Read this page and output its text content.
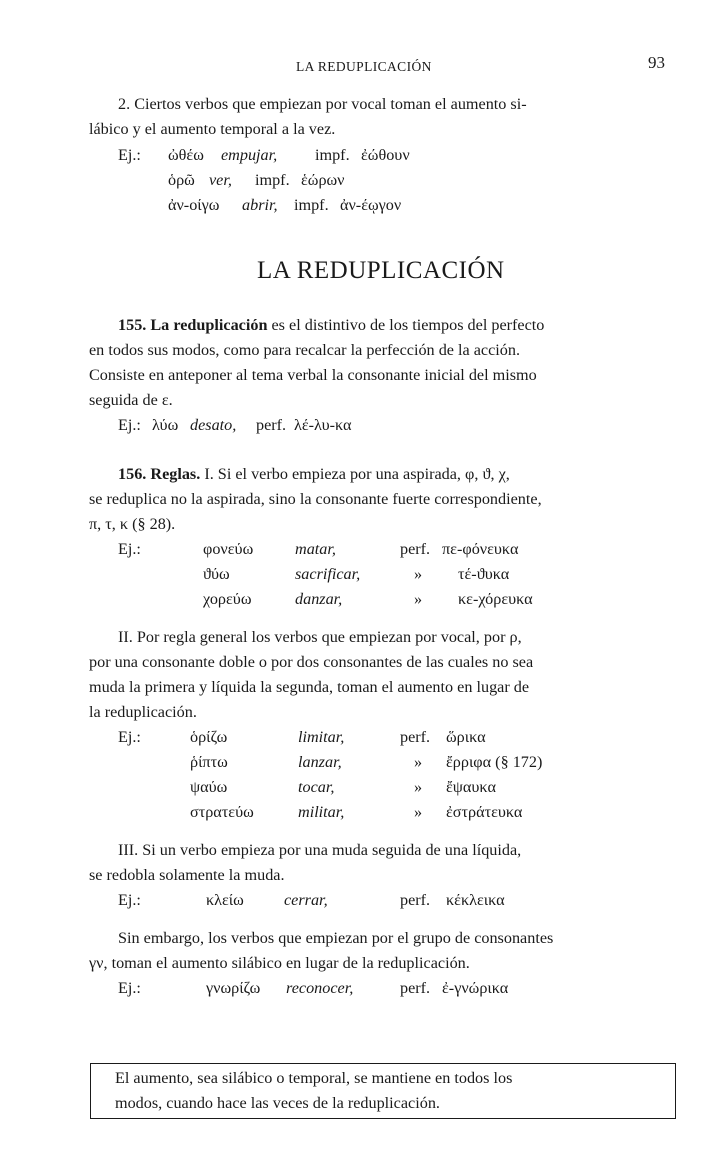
LA REDUPLICACIÓN	93
2. Ciertos verbos que empiezan por vocal toman el aumento si-
lábico y el aumento temporal a la vez.
Ej.: ὠθέω empujar, impf. ἐώθουν
ὁρῶ ver, impf. ἑώρων
ἀν-οίγω abrir, impf. ἀν-έῳγον
LA REDUPLICACIÓN
155. La reduplicación es el distintivo de los tiempos del perfecto
en todos sus modos, como para recalcar la perfección de la acción.
Consiste en anteponer al tema verbal la consonante inicial del mismo
seguida de ε.
Ej.: λύω desato, perf. λέ-λυ-κα
156. Reglas. I. Si el verbo empieza por una aspirada, φ, ϑ, χ,
se reduplica no la aspirada, sino la consonante fuerte correspondiente,
π, τ, κ (§ 28).
Ej.:	φονεύω	matar,	perf. πε-φόνευκα
ϑύω	sacrificar,	» τέ-ϑυκα
χορεύω	danzar,	» κε-χόρευκα
II. Por regla general los verbos que empiezan por vocal, por ρ,
por una consonante doble o por dos consonantes de las cuales no sea
muda la primera y líquida la segunda, toman el aumento en lugar de
la reduplicación.
Ej.:	ὁρίζω	limitar,	perf. ὥρικα
ῥίπτω	lanzar,	» ἔρριφα (§ 172)
ψαύω	tocar,	» ἔψαυκα
στρατεύω	militar,	» ἐστράτευκα
III. Si un verbo empieza por una muda seguida de una líquida,
se redobla solamente la muda.
Ej.:	κλείω cerrar,	perf. κέκλεικα
Sin embargo, los verbos que empiezan por el grupo de consonantes
γν, toman el aumento silábico en lugar de la reduplicación.
Ej.:	γνωρίζω reconocer,	perf. ἐ-γνώρικα
El aumento, sea silábico o temporal, se mantiene en todos los
modos, cuando hace las veces de la reduplicación.
